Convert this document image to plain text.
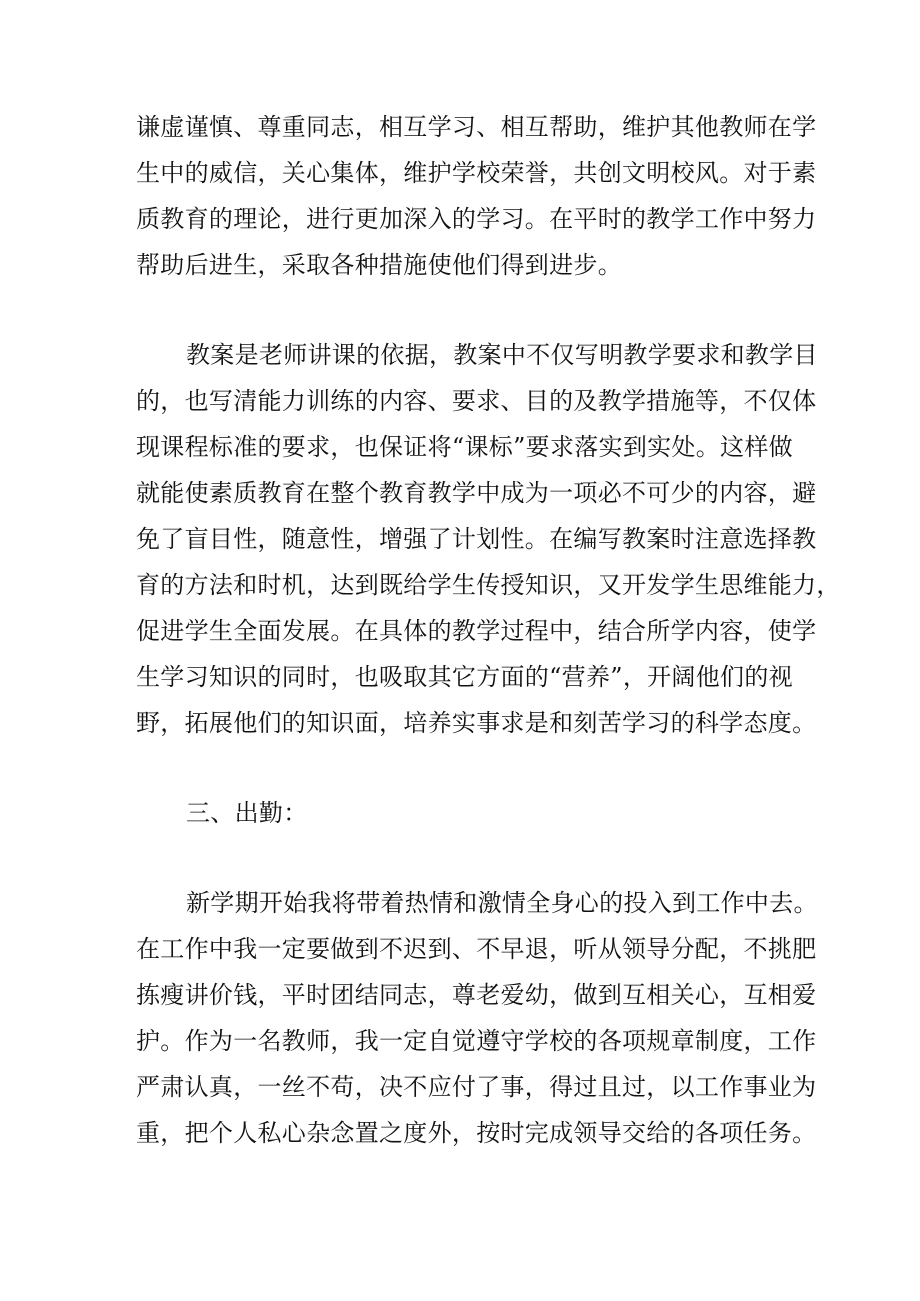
谦虚谨慎、尊重同志，相互学习、相互帮助，维护其他教师在学
生中的威信，关心集体，维护学校荣誉，共创文明校风。对于素
质教育的理论，进行更加深入的学习。在平时的教学工作中努力
帮助后进生，采取各种措施使他们得到进步。
教案是老师讲课的依据，教案中不仅写明教学要求和教学目
的，也写清能力训练的内容、要求、目的及教学措施等，不仅体
现课程标准的要求，也保证将“课标”要求落实到实处。这样做
就能使素质教育在整个教育教学中成为一项必不可少的内容，避
免了盲目性，随意性，增强了计划性。在编写教案时注意选择教
育的方法和时机，达到既给学生传授知识，又开发学生思维能力，
促进学生全面发展。在具体的教学过程中，结合所学内容，使学
生学习知识的同时，也吸取其它方面的“营养”，开阔他们的视
野，拓展他们的知识面，培养实事求是和刻苦学习的科学态度。
三、出勤：
新学期开始我将带着热情和激情全身心的投入到工作中去。
在工作中我一定要做到不迟到、不早退，听从领导分配，不挑肥
拣瘦讲价钱，平时团结同志，尊老爱幼，做到互相关心，互相爱
护。作为一名教师，我一定自觉遵守学校的各项规章制度，工作
严肃认真，一丝不苟，决不应付了事，得过且过，以工作事业为
重，把个人私心杂念置之度外，按时完成领导交给的各项任务。
